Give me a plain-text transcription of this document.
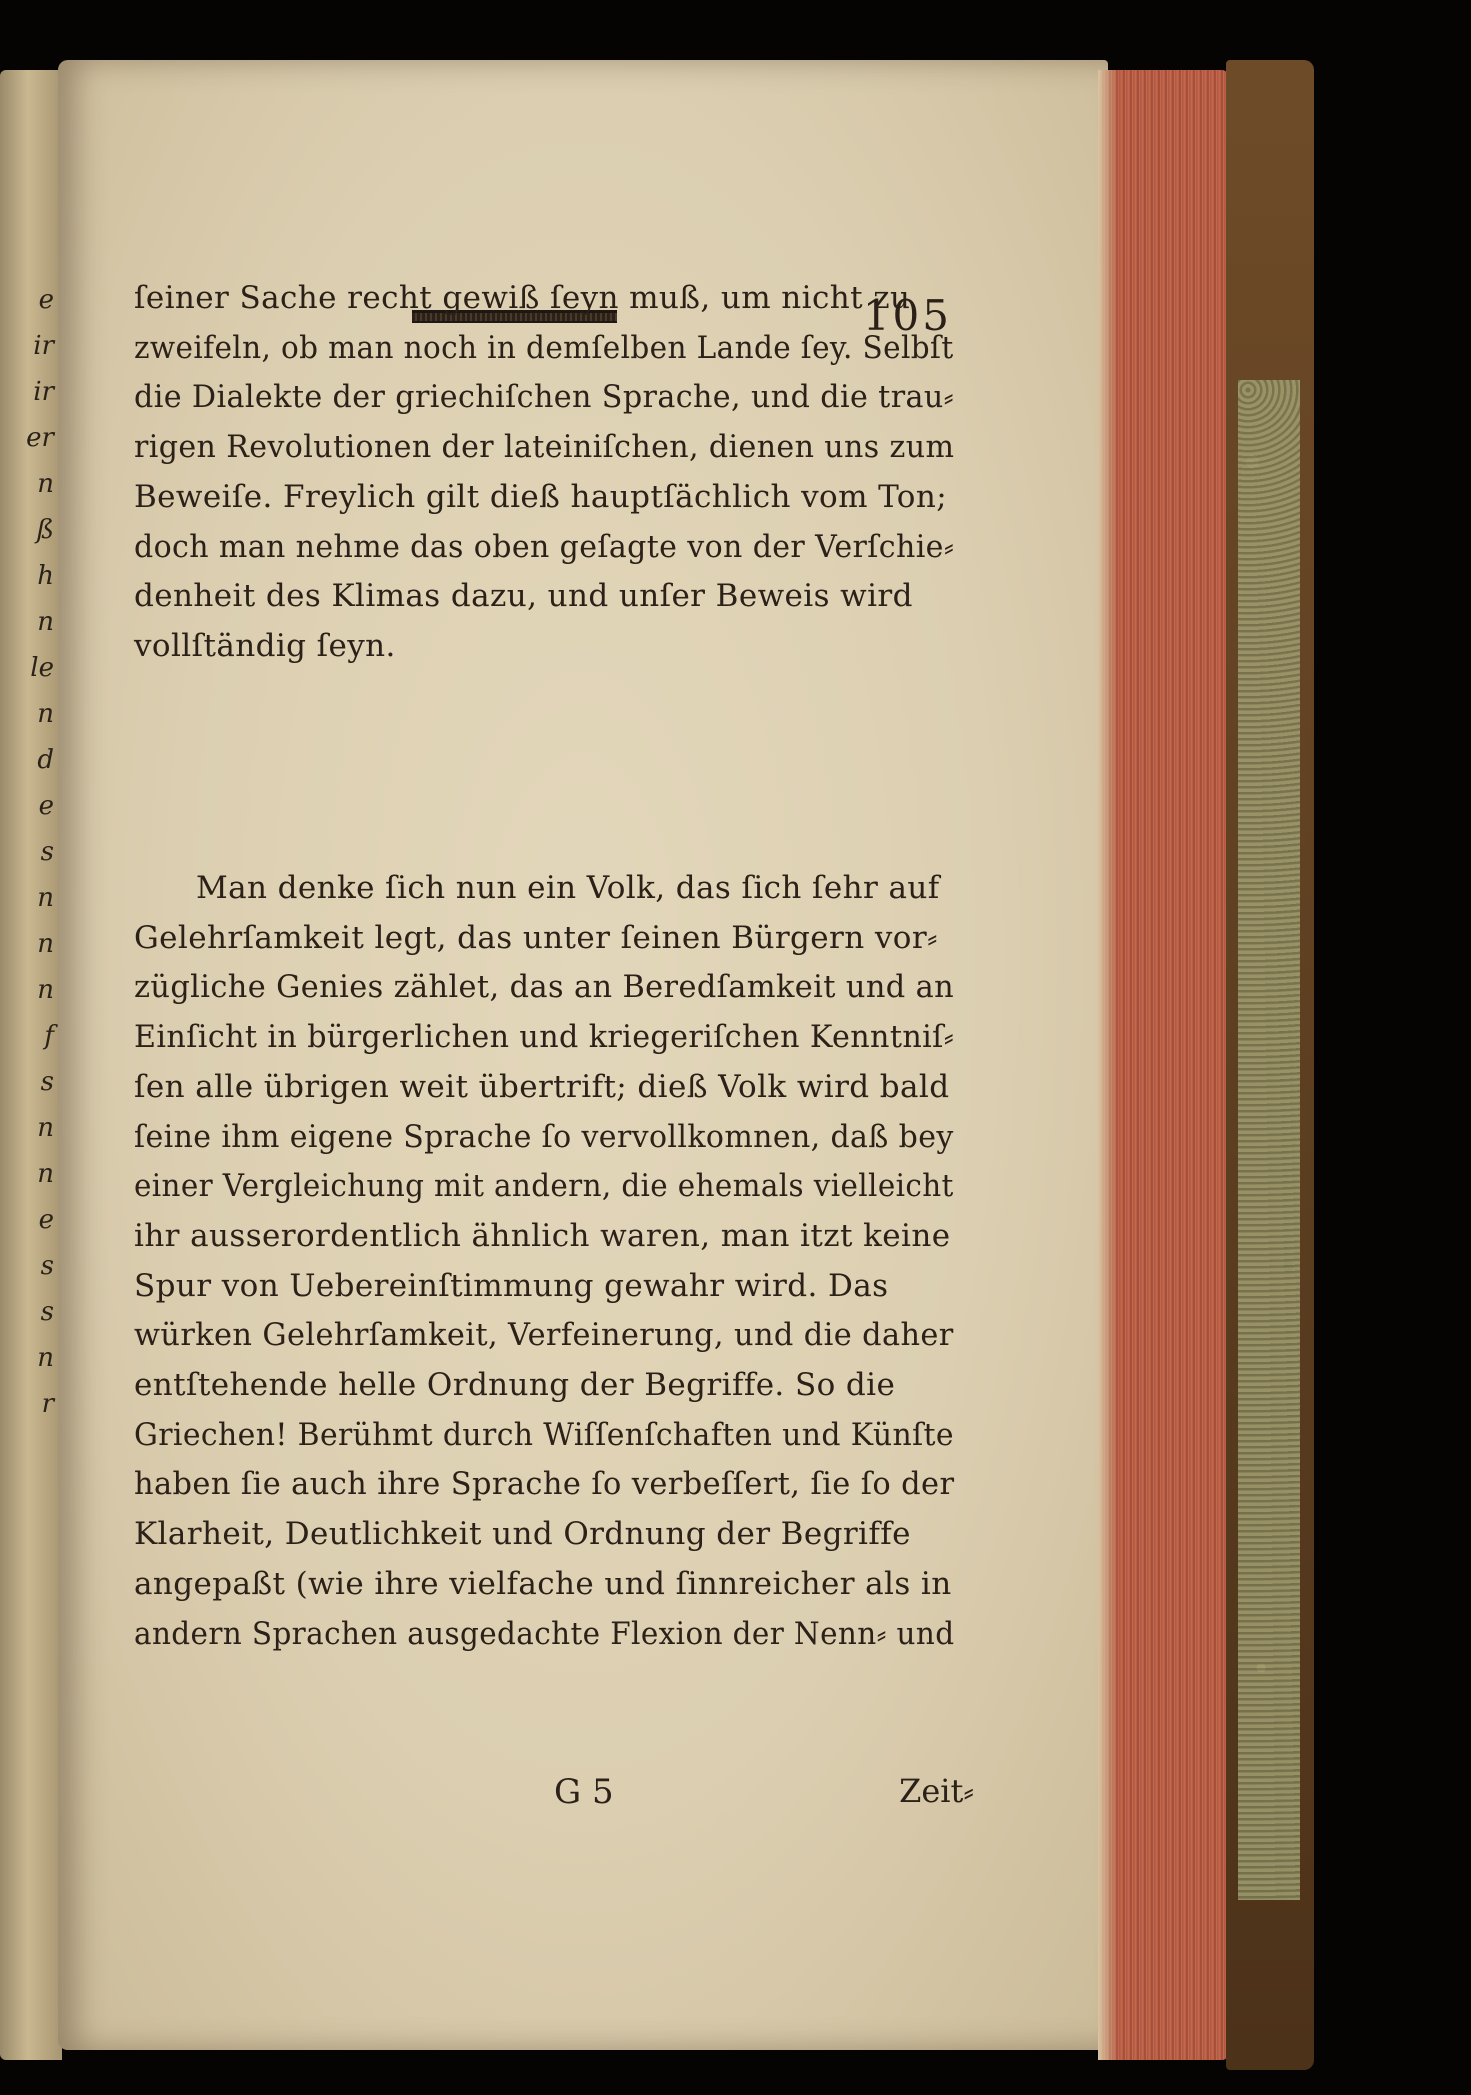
e
ir
ir
er
n
ß
h
n
le
n
d
e
s
n
n
n
f
s
n
n
e
s
s
n
r
105
ſeiner Sache recht gewiß ſeyn muß, um nicht zu
zweifeln, ob man noch in demſelben Lande ſey. Selbſt
die Dialekte der griechiſchen Sprache, und die trau⸗
rigen Revolutionen der lateiniſchen, dienen uns zum
Beweiſe. Freylich gilt dieß hauptſächlich vom Ton;
doch man nehme das oben geſagte von der Verſchie⸗
denheit des Klimas dazu, und unſer Beweis wird
vollſtändig ſeyn.
Man denke ſich nun ein Volk, das ſich ſehr auf
Gelehrſamkeit legt, das unter ſeinen Bürgern vor⸗
zügliche Genies zählet, das an Beredſamkeit und an
Einſicht in bürgerlichen und kriegeriſchen Kenntniſ⸗
ſen alle übrigen weit übertrift; dieß Volk wird bald
ſeine ihm eigene Sprache ſo vervollkomnen, daß bey
einer Vergleichung mit andern, die ehemals vielleicht
ihr ausserordentlich ähnlich waren, man itzt keine
Spur von Uebereinſtimmung gewahr wird. Das
würken Gelehrſamkeit, Verfeinerung, und die daher
entſtehende helle Ordnung der Begriffe. So die
Griechen! Berühmt durch Wiſſenſchaften und Künſte
haben ſie auch ihre Sprache ſo verbeſſert, ſie ſo der
Klarheit, Deutlichkeit und Ordnung der Begriffe
angepaßt (wie ihre vielfache und ſinnreicher als in
andern Sprachen ausgedachte Flexion der Nenn⸗ und
G 5	Zeit⸗
